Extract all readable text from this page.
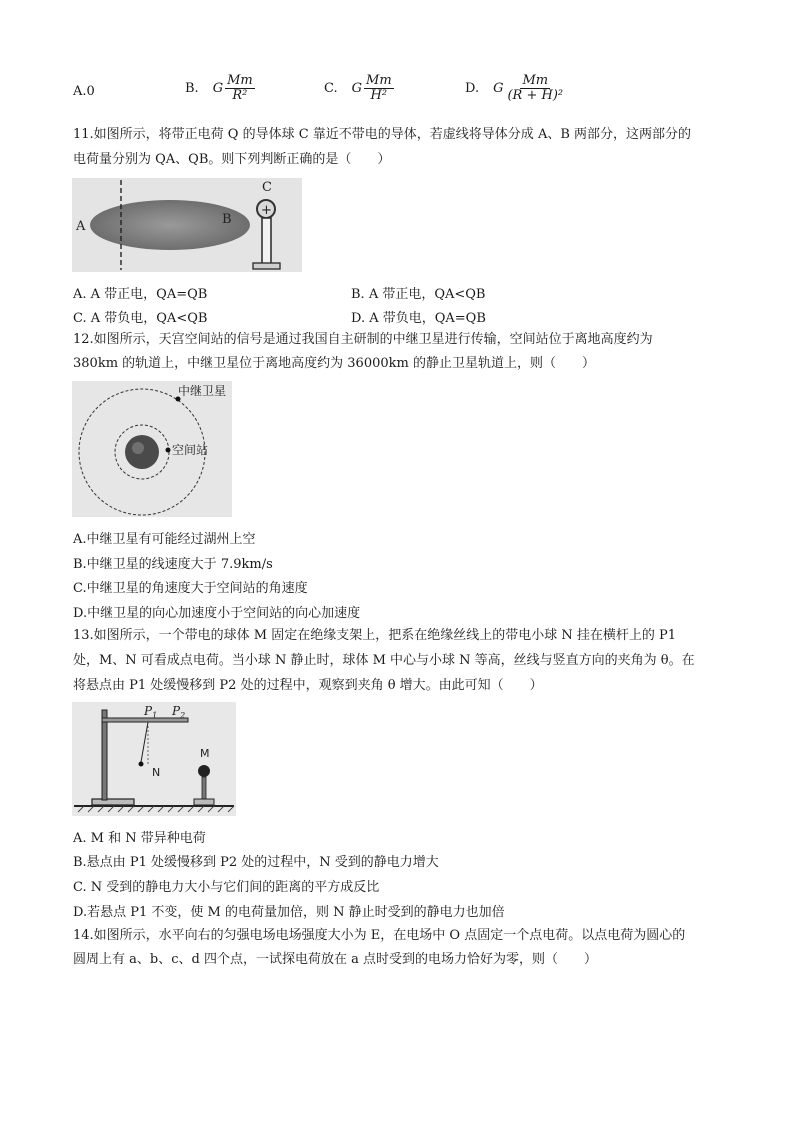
A.0	B. G $\frac{Mm}{\text{R²}}$	C. G $\frac{Mm}{\text{H²}}$	D. G $\frac{Mm}{\text{(R + H)²}}$
11.如图所示，将带正电荷 Q 的导体球 C 靠近不带电的导体，若虚线将导体分成 A、B 两部分，这两部分的
电荷量分别为 QA、QB。则下列判断正确的是（　　）
A	B
C
+
A. A 带正电，QA=QB	B. A 带正电，QA<QB
C. A 带负电，QA<QB	D. A 带负电，QA=QB
12.如图所示，天宫空间站的信号是通过我国自主研制的中继卫星进行传输，空间站位于离地高度约为
380km 的轨道上，中继卫星位于离地高度约为 36000km 的静止卫星轨道上，则（　　）
中继卫星
空间站
A.中继卫星有可能经过湖州上空
B.中继卫星的线速度大于 7.9km/s
C.中继卫星的角速度大于空间站的角速度
D.中继卫星的向心加速度小于空间站的向心加速度
13.如图所示，一个带电的球体 M 固定在绝缘支架上，把系在绝缘丝线上的带电小球 N 挂在横杆上的 P1
处，M、N 可看成点电荷。当小球 N 静止时，球体 M 中心与小球 N 等高，丝线与竖直方向的夹角为 θ。在
将悬点由 P1 处缓慢移到 P2 处的过程中，观察到夹角 θ 增大。由此可知（　　）
$P_1$ $P_2$
N
M
A. M 和 N 带异种电荷
B.悬点由 P1 处缓慢移到 P2 处的过程中，N 受到的静电力增大
C. N 受到的静电力大小与它们间的距离的平方成反比
D.若悬点 P1 不变，使 M 的电荷量加倍，则 N 静止时受到的静电力也加倍
14.如图所示，水平向右的匀强电场电场强度大小为 E，在电场中 O 点固定一个点电荷。以点电荷为圆心的
圆周上有 a、b、c、d 四个点，一试探电荷放在 a 点时受到的电场力恰好为零，则（　　）
